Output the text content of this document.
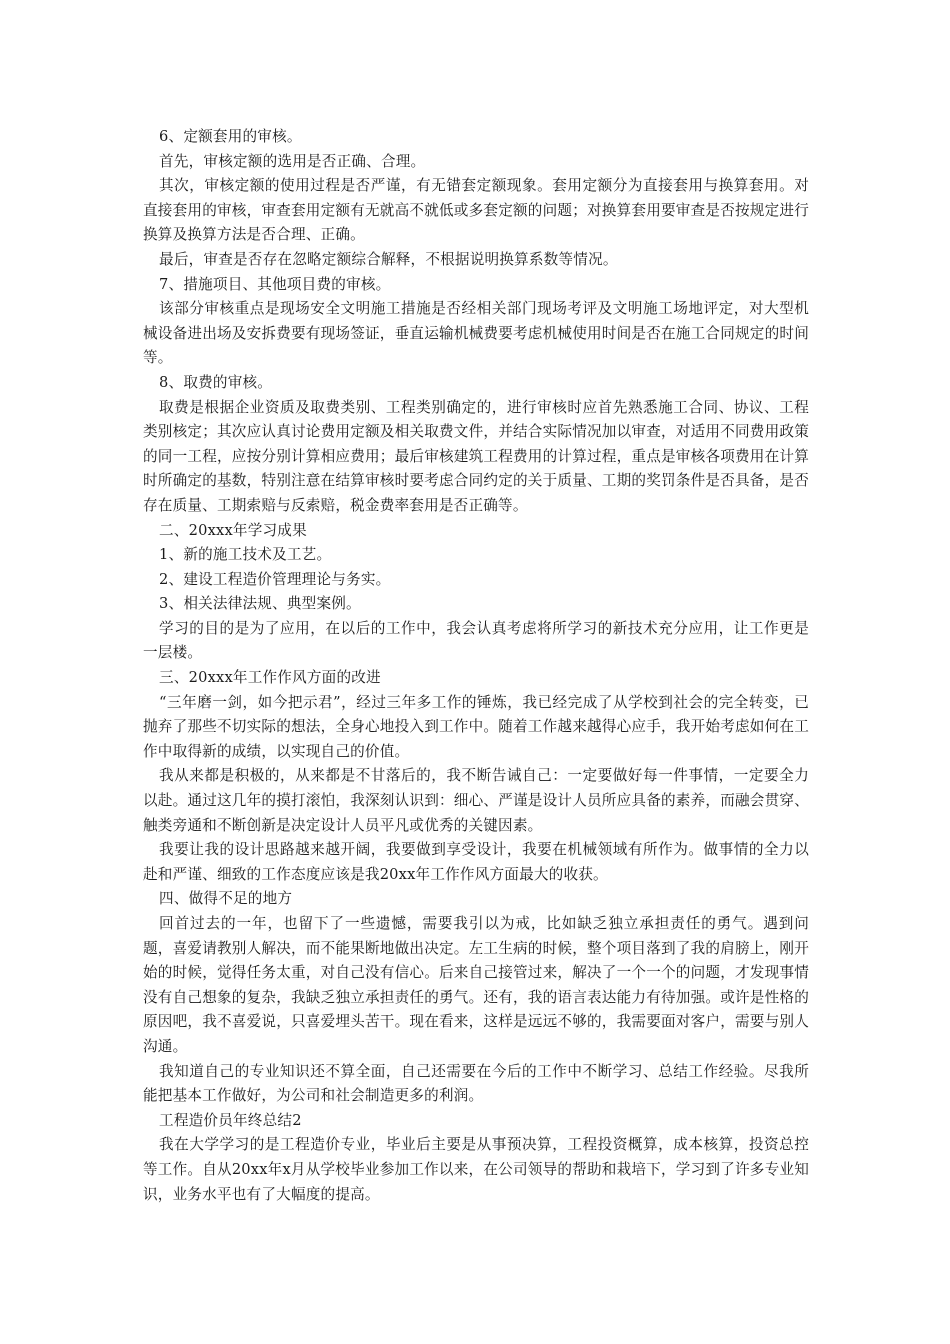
6、定额套用的审核。

首先，审核定额的选用是否正确、合理。

其次，审核定额的使用过程是否严谨，有无错套定额现象。套用定额分为直接套用与换算套用。对直接套用的审核，审查套用定额有无就高不就低或多套定额的问题；对换算套用要审查是否按规定进行换算及换算方法是否合理、正确。

最后，审查是否存在忽略定额综合解释，不根据说明换算系数等情况。

7、措施项目、其他项目费的审核。

该部分审核重点是现场安全文明施工措施是否经相关部门现场考评及文明施工场地评定，对大型机械设备进出场及安拆费要有现场签证，垂直运输机械费要考虑机械使用时间是否在施工合同规定的时间等。

8、取费的审核。

取费是根据企业资质及取费类别、工程类别确定的，进行审核时应首先熟悉施工合同、协议、工程类别核定；其次应认真讨论费用定额及相关取费文件，并结合实际情况加以审查，对适用不同费用政策的同一工程，应按分别计算相应费用；最后审核建筑工程费用的计算过程，重点是审核各项费用在计算时所确定的基数，特别注意在结算审核时要考虑合同约定的关于质量、工期的奖罚条件是否具备，是否存在质量、工期索赔与反索赔，税金费率套用是否正确等。

二、20xxx年学习成果

1、新的施工技术及工艺。

2、建设工程造价管理理论与务实。

3、相关法律法规、典型案例。

学习的目的是为了应用，在以后的工作中，我会认真考虑将所学习的新技术充分应用，让工作更是一层楼。

三、20xxx年工作作风方面的改进

“三年磨一剑，如今把示君”，经过三年多工作的锤炼，我已经完成了从学校到社会的完全转变，已抛弃了那些不切实际的想法，全身心地投入到工作中。随着工作越来越得心应手，我开始考虑如何在工作中取得新的成绩，以实现自己的价值。

我从来都是积极的，从来都是不甘落后的，我不断告诫自己：一定要做好每一件事情，一定要全力以赴。通过这几年的摸打滚怕，我深刻认识到：细心、严谨是设计人员所应具备的素养，而融会贯穿、触类旁通和不断创新是决定设计人员平凡或优秀的关键因素。

我要让我的设计思路越来越开阔，我要做到享受设计，我要在机械领域有所作为。做事情的全力以赴和严谨、细致的工作态度应该是我20xx年工作作风方面最大的收获。

四、做得不足的地方

回首过去的一年，也留下了一些遗憾，需要我引以为戒，比如缺乏独立承担责任的勇气。遇到问题，喜爱请教别人解决，而不能果断地做出决定。左工生病的时候，整个项目落到了我的肩膀上，刚开始的时候，觉得任务太重，对自己没有信心。后来自己接管过来，解决了一个一个的问题，才发现事情没有自己想象的复杂，我缺乏独立承担责任的勇气。还有，我的语言表达能力有待加强。或许是性格的原因吧，我不喜爱说，只喜爱埋头苦干。现在看来，这样是远远不够的，我需要面对客户，需要与别人沟通。

我知道自己的专业知识还不算全面，自己还需要在今后的工作中不断学习、总结工作经验。尽我所能把基本工作做好，为公司和社会制造更多的利润。

工程造价员年终总结2

我在大学学习的是工程造价专业，毕业后主要是从事预决算，工程投资概算，成本核算，投资总控等工作。自从20xx年x月从学校毕业参加工作以来，在公司领导的帮助和栽培下，学习到了许多专业知识，业务水平也有了大幅度的提高。
